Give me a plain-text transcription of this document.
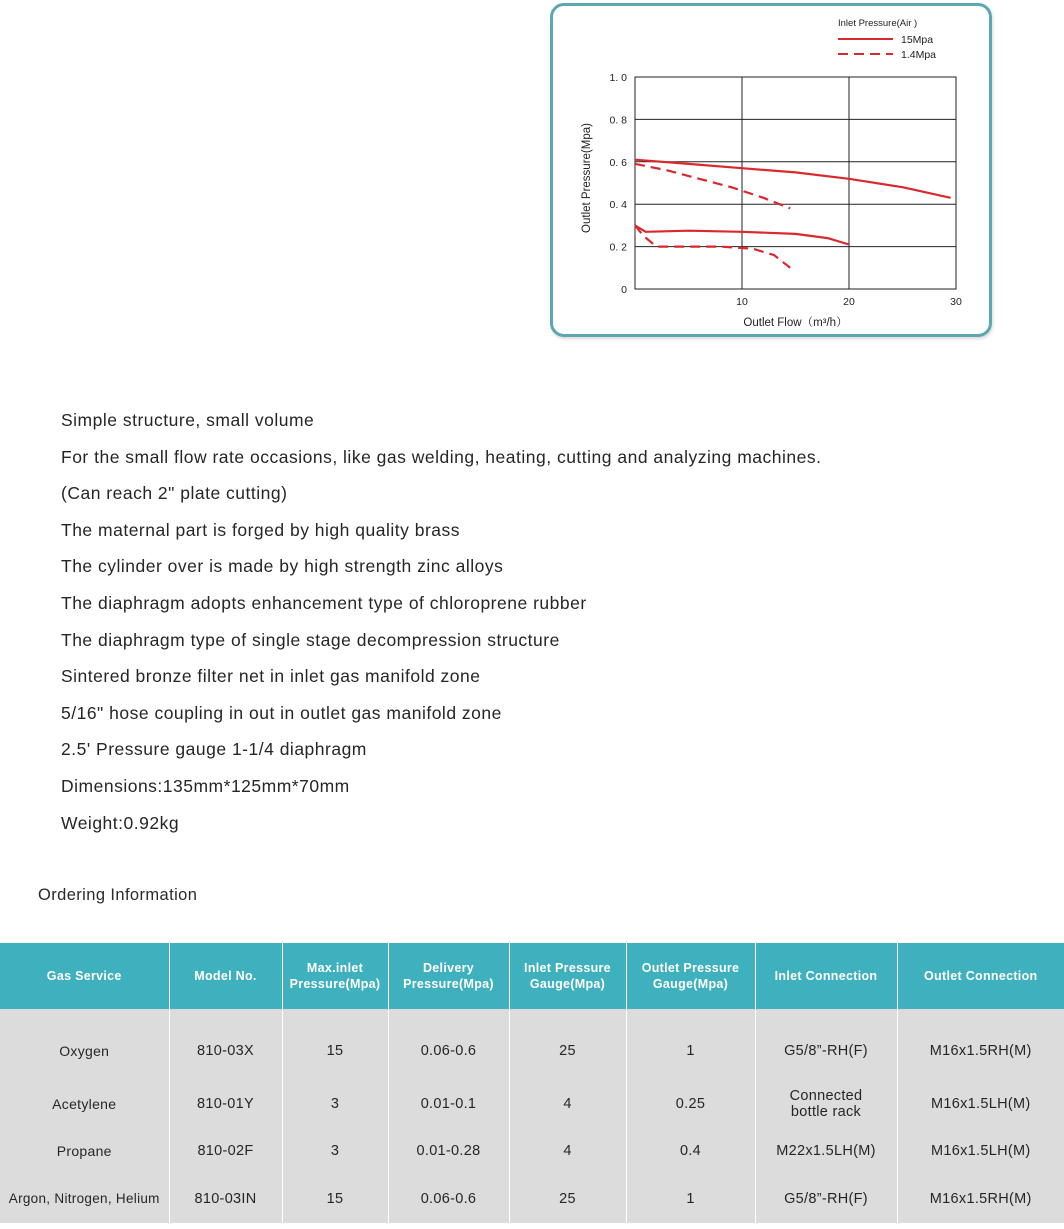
0
0. 2
0. 4
0. 6
0. 8
1. 0
10	20	30
Outlet Flow（m³/h）
Outlet Pressure(Mpa)
Inlet Pressure(Air )
15Mpa
1.4Mpa
Simple structure, small volume
For the small flow rate occasions, like gas welding, heating, cutting and analyzing machines.
(Can reach 2" plate cutting)
The maternal part is forged by high quality brass
The cylinder over is made by high strength zinc alloys
The diaphragm adopts enhancement type of chloroprene rubber
The diaphragm type of single stage decompression structure
Sintered bronze filter net in inlet gas manifold zone
5/16" hose coupling in out in outlet gas manifold zone
2.5' Pressure gauge 1-1/4 diaphragm
Dimensions:135mm*125mm*70mm
Weight:0.92kg
Ordering Information
Gas Service	Model No.	Max.inlet Pressure(Mpa)	Delivery Pressure(Mpa)	Inlet Pressure Gauge(Mpa)	Outlet Pressure Gauge(Mpa)	Inlet Connection	Outlet Connection
Oxygen	810-03X	15	0.06-0.6	25	1	G5/8”-RH(F)	M16x1.5RH(M)
Acetylene	810-01Y	3	0.01-0.1	4	0.25	Connected bottle rack	M16x1.5LH(M)
Propane	810-02F	3	0.01-0.28	4	0.4	M22x1.5LH(M)	M16x1.5LH(M)
Argon, Nitrogen, Helium	810-03IN	15	0.06-0.6	25	1	G5/8”-RH(F)	M16x1.5RH(M)
